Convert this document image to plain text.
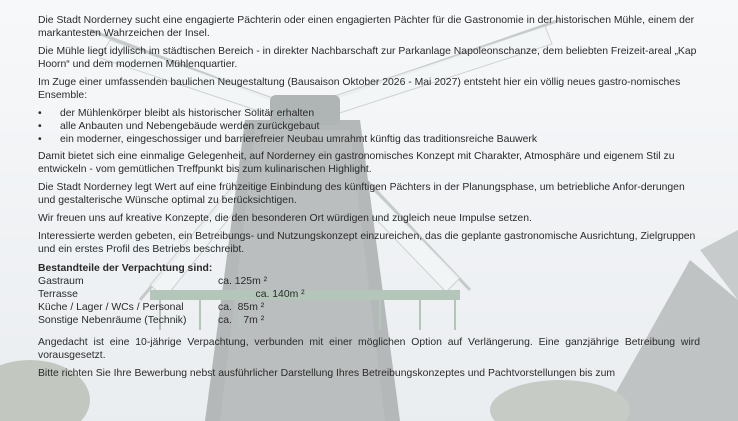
Die Stadt Norderney sucht eine engagierte Pächterin oder einen engagierten Pächter für die Gastronomie in der historischen Mühle, einem der markantesten Wahrzeichen der Insel.

Die Mühle liegt idyllisch im städtischen Bereich - in direkter Nachbarschaft zur Parkanlage Napoleonschanze, dem beliebten Freizeit-areal „Kap Hoorn“ und dem modernen Mühlenquartier.

Im Zuge einer umfassenden baulichen Neugestaltung (Bausaison Oktober 2026 - Mai 2027) entsteht hier ein völlig neues gastro-nomisches Ensemble:

• der Mühlenkörper bleibt als historischer Solitär erhalten
• alle Anbauten und Nebengebäude werden zurückgebaut
• ein moderner, eingeschossiger und barrierefreier Neubau umrahmt künftig das traditionsreiche Bauwerk

Damit bietet sich eine einmalige Gelegenheit, auf Norderney ein gastronomisches Konzept mit Charakter, Atmosphäre und eigenem Stil zu entwickeln - vom gemütlichen Treffpunkt bis zum kulinarischen Highlight.

Die Stadt Norderney legt Wert auf eine frühzeitige Einbindung des künftigen Pächters in der Planungsphase, um betriebliche Anfor-derungen und gestalterische Wünsche optimal zu berücksichtigen.

Wir freuen uns auf kreative Konzepte, die den besonderen Ort würdigen und zugleich neue Impulse setzen.

Interessierte werden gebeten, ein Betreibungs- und Nutzungskonzept einzureichen, das die geplante gastronomische Ausrichtung, Zielgruppen und ein erstes Profil des Betriebs beschreibt.

Bestandteile der Verpachtung sind:
Gastraum	ca. 125m ²
Terrasse	ca. 140m ²
Küche / Lager / WCs / Personal	ca.  85m ²
Sonstige Nebenräume (Technik)	ca.    7m ²

Angedacht ist eine 10-jährige Verpachtung, verbunden mit einer möglichen Option auf Verlängerung. Eine ganzjährige Betreibung wird vorausgesetzt.

Bitte richten Sie Ihre Bewerbung nebst ausführlicher Darstellung Ihres Betreibungskonzeptes und Pachtvorstellungen bis zum
